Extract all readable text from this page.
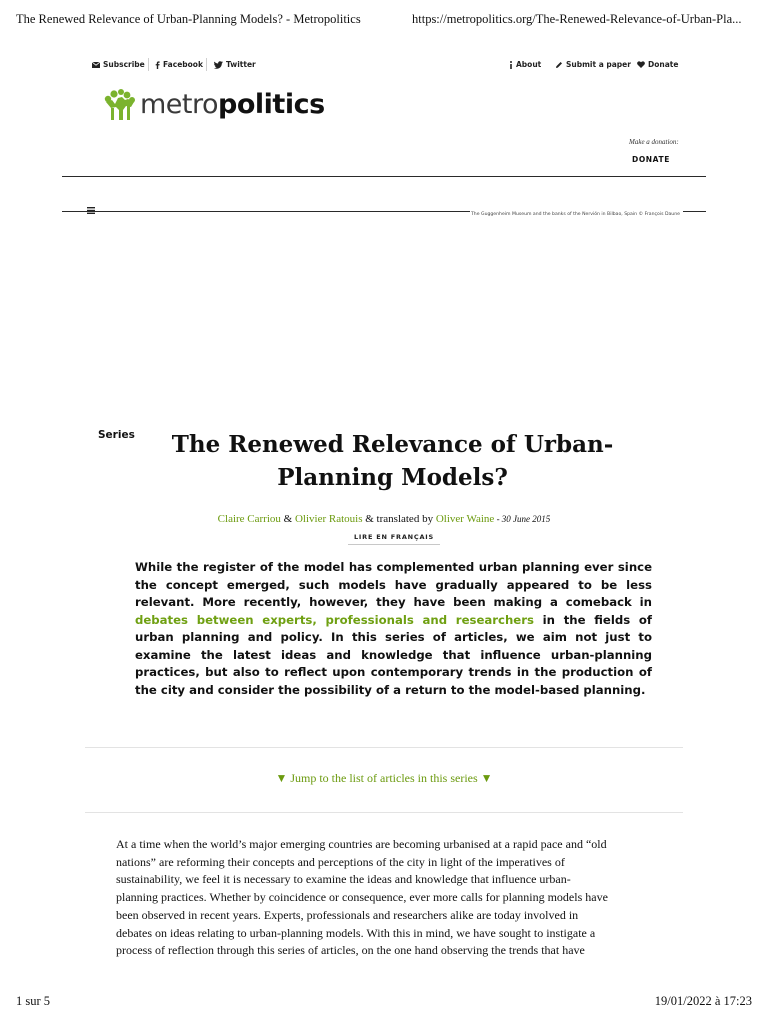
The Renewed Relevance of Urban-Planning Models? - Metropolitics	https://metropolitics.org/The-Renewed-Relevance-of-Urban-Pla...
Subscribe Facebook	Twitter	About	Submit a paper Donate
metropolitics
Make a donation:
DONATE
The Guggenheim Museum and the banks of the Nervión in Bilbao, Spain © François Daune
Series	The Renewed Relevance of Urban-Planning Models?
Claire Carriou & Olivier Ratouis & translated by Oliver Waine - 30 June 2015
LIRE EN FRANÇAIS

While the register of the model has complemented urban planning ever since the concept emerged, such models have gradually appeared to be less relevant. More recently, however, they have been making a comeback in debates between experts, professionals and researchers in the fields of urban planning and policy. In this series of articles, we aim not just to examine the latest ideas and knowledge that influence urban-planning practices, but also to reflect upon contemporary trends in the production of the city and consider the possibility of a return to the model-based planning.

▼ Jump to the list of articles in this series ▼
At a time when the world’s major emerging countries are becoming urbanised at a rapid pace and “old
nations” are reforming their concepts and perceptions of the city in light of the imperatives of
sustainability, we feel it is necessary to examine the ideas and knowledge that influence urban-
planning practices. Whether by coincidence or consequence, ever more calls for planning models have
been observed in recent years. Experts, professionals and researchers alike are today involved in
debates on ideas relating to urban-planning models. With this in mind, we have sought to instigate a
process of reflection through this series of articles, on the one hand observing the trends that have
1 sur 5	19/01/2022 à 17:23
